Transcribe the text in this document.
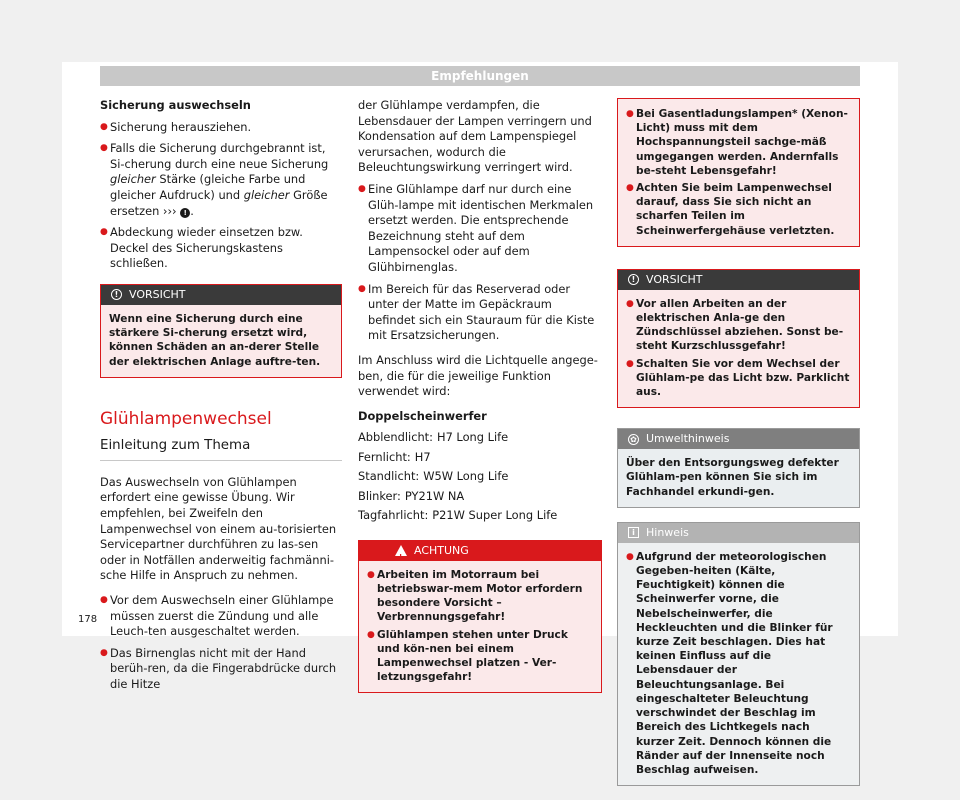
Empfehlungen

Sicherung auswechseln

● Sicherung herausziehen.

● Falls die Sicherung durchgebrannt ist, Si-cherung durch eine neue Sicherung gleicher Stärke (gleiche Farbe und gleicher Aufdruck) und gleicher Größe ersetzen ››› ! .

● Abdeckung wieder einsetzen bzw. Deckel des Sicherungskastens schließen.

! VORSICHT
Wenn eine Sicherung durch eine stärkere Si-cherung ersetzt wird, können Schäden an an-derer Stelle der elektrischen Anlage auftre-ten.
Glühlampenwechsel
Einleitung zum Thema

Das Auswechseln von Glühlampen erfordert eine gewisse Übung. Wir empfehlen, bei Zweifeln den Lampenwechsel von einem au-torisierten Servicepartner durchführen zu las-sen oder in Notfällen anderweitig fachmänni-sche Hilfe in Anspruch zu nehmen.

● Vor dem Auswechseln einer Glühlampe müssen zuerst die Zündung und alle Leuch-ten ausgeschaltet werden.

● Das Birnenglas nicht mit der Hand berüh-ren, da die Fingerabdrücke durch die Hitze

der Glühlampe verdampfen, die Lebensdauer der Lampen verringern und Kondensation auf dem Lampenspiegel verursachen, wodurch die Beleuchtungswirkung verringert wird.

● Eine Glühlampe darf nur durch eine Glüh-lampe mit identischen Merkmalen ersetzt werden. Die entsprechende Bezeichnung steht auf dem Lampensockel oder auf dem Glühbirnenglas.

● Im Bereich für das Reserverad oder unter der Matte im Gepäckraum befindet sich ein Stauraum für die Kiste mit Ersatzsicherungen.

Im Anschluss wird die Lichtquelle angege-ben, die für die jeweilige Funktion verwendet wird:

Doppelscheinwerfer

Abblendlicht: H7 Long Life
Fernlicht: H7
Standlicht: W5W Long Life
Blinker: PY21W NA
Tagfahrlicht: P21W Super Long Life
!
ACHTUNG

● Arbeiten im Motorraum bei betriebswar-mem Motor erfordern besondere Vorsicht – Verbrennungsgefahr!

● Glühlampen stehen unter Druck und kön-nen bei einem Lampenwechsel platzen - Ver-letzungsgefahr!

● Bei Gasentladungslampen* (Xenon-Licht) muss mit dem Hochspannungsteil sachge-mäß umgegangen werden. Andernfalls be-steht Lebensgefahr!

● Achten Sie beim Lampenwechsel darauf, dass Sie sich nicht an scharfen Teilen im Scheinwerfergehäuse verletzten.

! VORSICHT

● Vor allen Arbeiten an der elektrischen Anla-ge den Zündschlüssel abziehen. Sonst be-steht Kurzschlussgefahr!

● Schalten Sie vor dem Wechsel der Glühlam-pe das Licht bzw. Parklicht aus.

✿ Umwelthinweis
Über den Entsorgungsweg defekter Glühlam-pen können Sie sich im Fachhandel erkundi-gen.
i	Hinweis

● Aufgrund der meteorologischen Gegeben-heiten (Kälte, Feuchtigkeit) können die Scheinwerfer vorne, die Nebelscheinwerfer, die Heckleuchten und die Blinker für kurze Zeit beschlagen. Dies hat keinen Einfluss auf die Lebensdauer der Beleuchtungsanlage. Bei eingeschalteter Beleuchtung verschwindet der Beschlag im Bereich des Lichtkegels nach kurzer Zeit. Dennoch können die Ränder auf der Innenseite noch Beschlag aufweisen.

178
